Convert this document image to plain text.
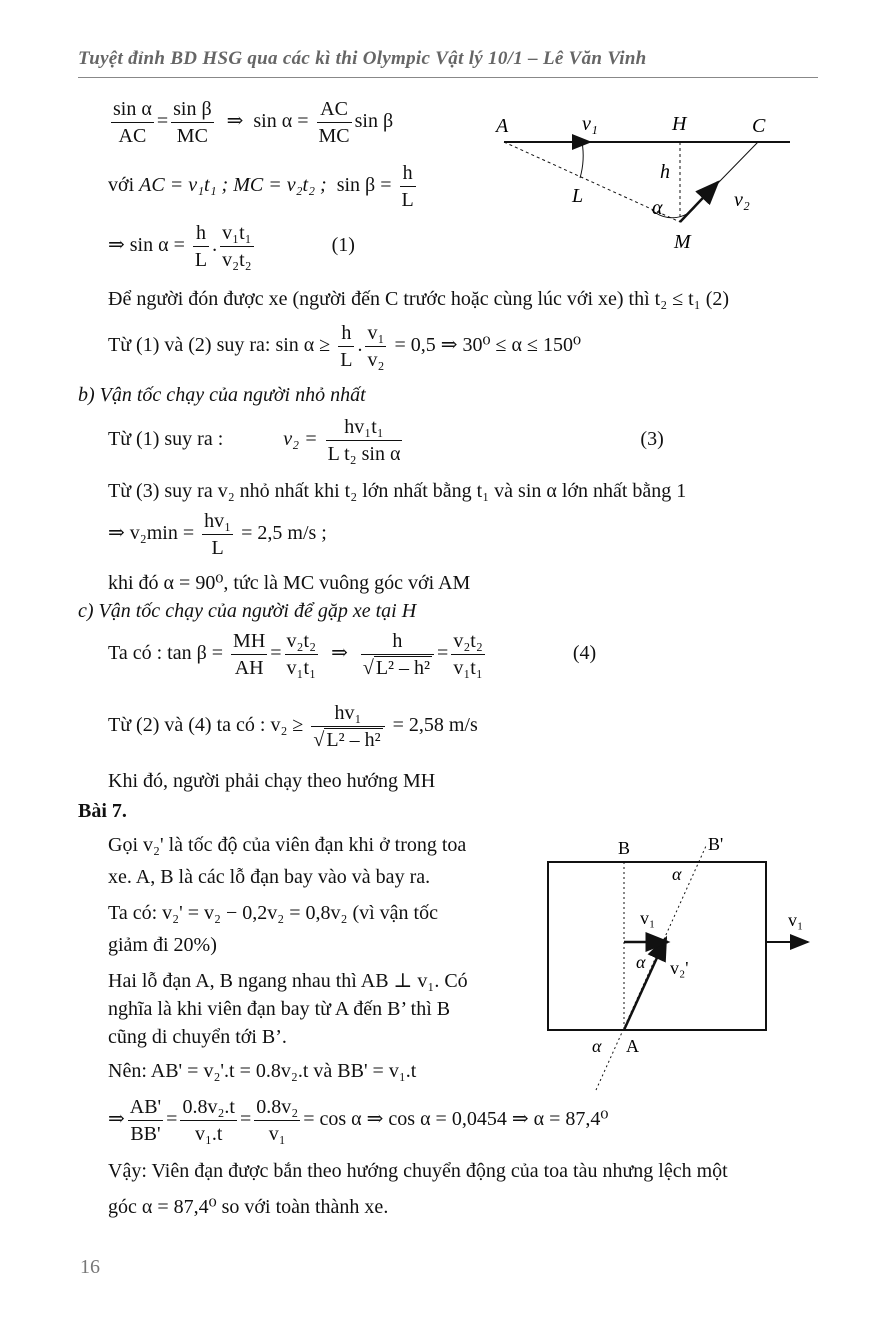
Tuyệt đỉnh BD HSG qua các kì thi Olympic Vật lý 10/1 – Lê Văn Vinh
$\frac{\text{sin α}}{AC} = \frac{\text{sin β}}{MC}$ ⇒  $\sin \alpha = \frac{AC}{MC}$ sin β
với AC = v₁t₁ ; MC = v₂t₂ ; $\sin \beta = \frac{h}{L}$
⇒ $\sin \alpha = \frac{h}{L}$ . $\frac{\text{v₁t₁}}{\text{v₂t₂}}$	(1)
Để người đón được xe (người đến C trước hoặc cùng lúc với xe) thì t₂ ≤ t₁ (2)
Từ (1) và (2) suy ra: $\sin \alpha \ge \frac{h}{L}$ . $\frac{\text{v₁}}{\text{v₂}} = 0,5$ ⇒ 30⁰ ≤ α ≤ 150⁰
b) Vận tốc chạy của người nhỏ nhất
Từ (1) suy ra :	$v_2 = \frac{\text{hv₁t₁}}{\text{L t₂ sin α}}$	(3)
Từ (3) suy ra v₂ nhỏ nhất khi t₂ lớn nhất bằng t₁ và sin α lớn nhất bằng 1
⇒ $v_2\min = \frac{\text{hv₁}}{L} = 2,5$ m/s ;
khi đó α = 90⁰, tức là MC vuông góc với AM
c) Vận tốc chạy của người để gặp xe tại H
Ta có : $\tan \beta = \frac{MH}{AH} = \frac{\text{v₂t₂}}{\text{v₁t₁}}$ ⇒ $\frac{h}{\text{√ L² – h²}} = \frac{\text{v₂t₂}}{\text{v₁t₁}}$	(4)
Từ (2) và (4) ta có : $v_2 \ge \frac{\text{hv₁}}{\text{√ L² – h²}} = 2,58$ m/s
Khi đó, người phải chạy theo hướng MH
Bài 7.
Gọi v₂' là tốc độ của viên đạn khi ở trong toa
xe. A, B là các lỗ đạn bay vào và bay ra.
Ta có: v₂' = v₂ − 0,2v₂ = 0,8v₂ (vì vận tốc
giảm đi 20%)
Hai lỗ đạn A, B ngang nhau thì AB ⊥ v₁. Có
nghĩa là khi viên đạn bay từ A đến B’ thì B
cũng di chuyển tới B’.
Nên: AB' = v₂'.t = 0.8v₂.t và BB' = v₁.t
⇒ $\frac{AB'}{BB'} = \frac{\text{0.8v₂.t}}{\text{v₁.t}} = \frac{\text{0.8v₂}}{\text{v₁}} = \cos \alpha$ ⇒ cos α = 0,0454 ⇒ α = 87,4⁰
Vậy: Viên đạn được bắn theo hướng chuyển động của toa tàu nhưng lệch một
góc α = 87,4⁰ so với toàn thành xe.
16
A	v₁	H	C
h
L
α	v₂
M
B	B'
α
v₁	v₁
α v₂'
α A
